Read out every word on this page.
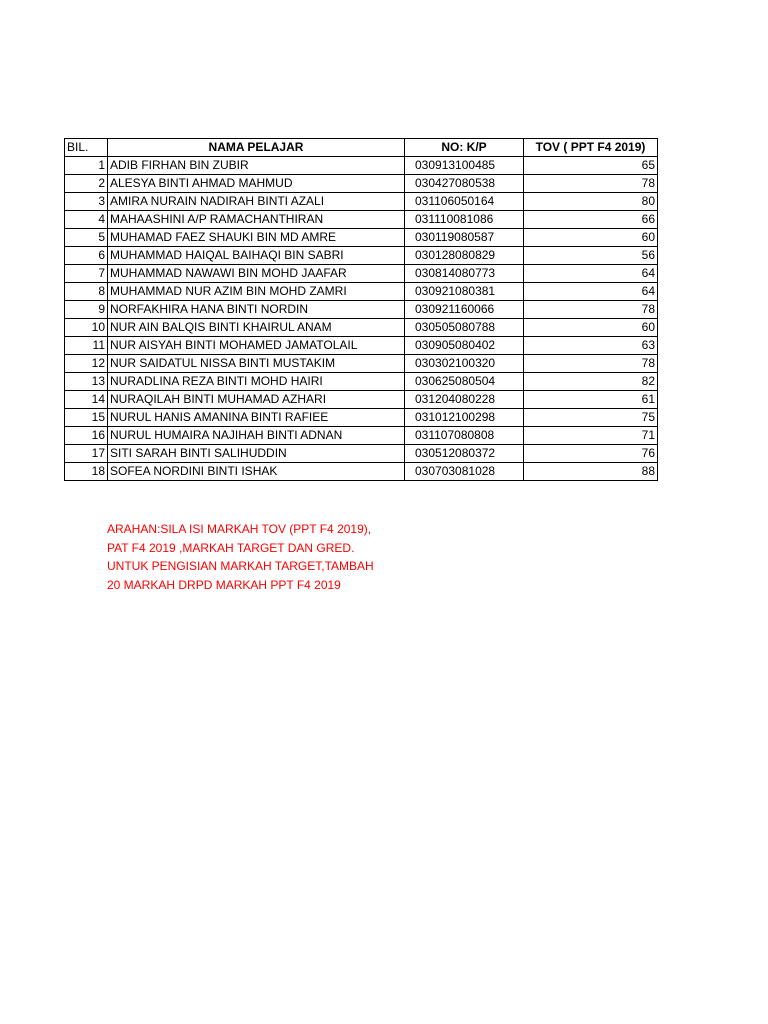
BIL.	NAMA PELAJAR	NO: K/P	TOV ( PPT F4 2019)
1	ADIB FIRHAN BIN ZUBIR	030913100485	65
2	ALESYA BINTI AHMAD MAHMUD	030427080538	78
3	AMIRA NURAIN NADIRAH BINTI AZALI	031106050164	80
4	MAHAASHINI A/P RAMACHANTHIRAN	031110081086	66
5	MUHAMAD FAEZ SHAUKI BIN MD AMRE	030119080587	60
6	MUHAMMAD HAIQAL BAIHAQI BIN SABRI	030128080829	56
7	MUHAMMAD NAWAWI BIN MOHD JAAFAR	030814080773	64
8	MUHAMMAD NUR AZIM BIN MOHD ZAMRI	030921080381	64
9	NORFAKHIRA HANA BINTI NORDIN	030921160066	78
10	NUR AIN BALQIS BINTI KHAIRUL ANAM	030505080788	60
11	NUR AISYAH BINTI MOHAMED JAMATOLAIL	030905080402	63
12	NUR SAIDATUL NISSA BINTI MUSTAKIM	030302100320	78
13	NURADLINA REZA BINTI MOHD HAIRI	030625080504	82
14	NURAQILAH BINTI MUHAMAD AZHARI	031204080228	61
15	NURUL HANIS AMANINA BINTI RAFIEE	031012100298	75
16	NURUL HUMAIRA NAJIHAH BINTI ADNAN	031107080808	71
17	SITI SARAH BINTI SALIHUDDIN	030512080372	76
18	SOFEA NORDINI BINTI ISHAK	030703081028	88
ARAHAN:SILA ISI MARKAH TOV (PPT F4 2019),
PAT F4 2019 ,MARKAH TARGET DAN GRED.
UNTUK PENGISIAN MARKAH TARGET,TAMBAH
20 MARKAH DRPD MARKAH PPT F4 2019
